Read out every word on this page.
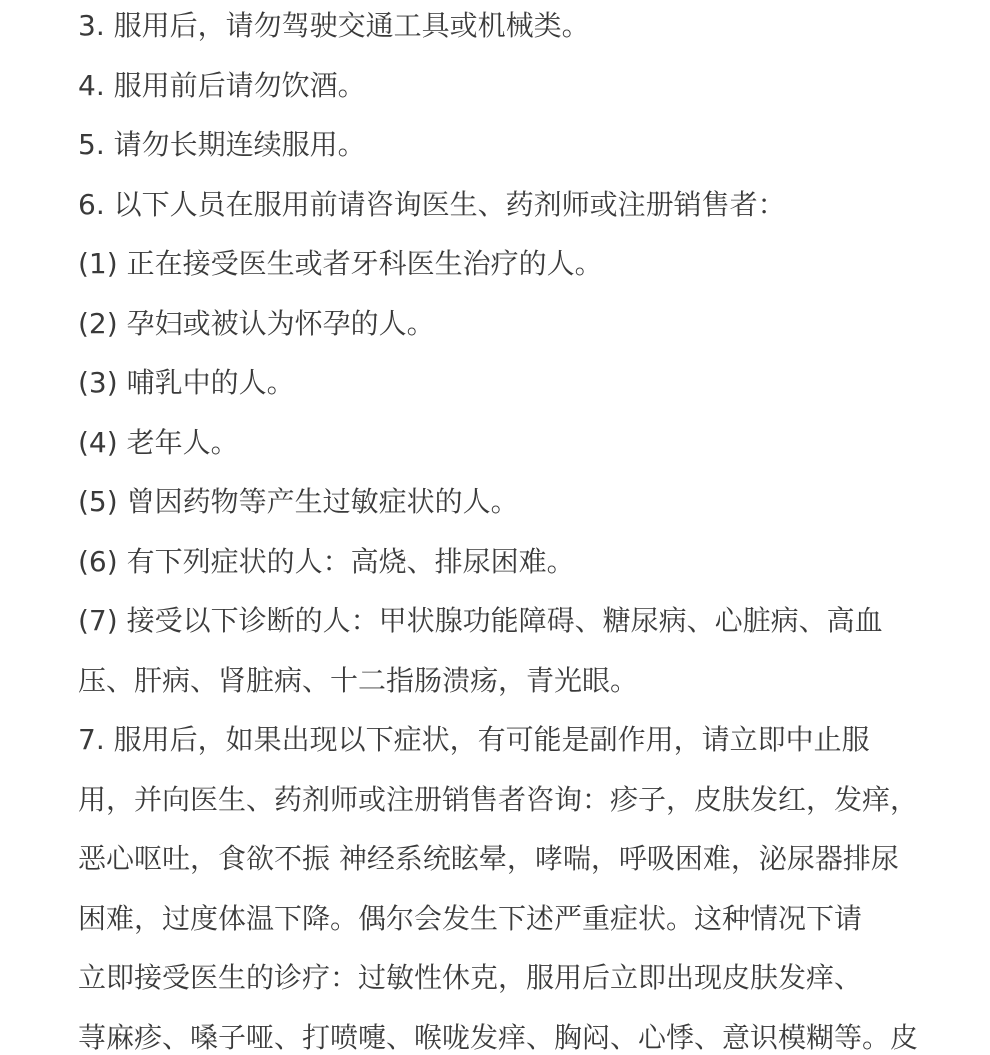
3. 服用后，请勿驾驶交通工具或机械类。
4. 服用前后请勿饮酒。
5. 请勿长期连续服用。
6. 以下人员在服用前请咨询医生、药剂师或注册销售者：
(1) 正在接受医生或者牙科医生治疗的人。
(2) 孕妇或被认为怀孕的人。
(3) 哺乳中的人。
(4) 老年人。
(5) 曾因药物等产生过敏症状的人。
(6) 有下列症状的人：高烧、排尿困难。
(7) 接受以下诊断的人：甲状腺功能障碍、糖尿病、心脏病、高血
压、肝病、肾脏病、十二指肠溃疡，青光眼。
7. 服用后，如果出现以下症状，有可能是副作用，请立即中止服
用，并向医生、药剂师或注册销售者咨询：疹子，皮肤发红，发痒，
恶心呕吐，食欲不振 神经系统眩晕，哮喘，呼吸困难，泌尿器排尿
困难，过度体温下降。偶尔会发生下述严重症状。这种情况下请
立即接受医生的诊疗：过敏性休克，服用后立即出现皮肤发痒、
荨麻疹、嗓子哑、打喷嚏、喉咙发痒、胸闷、心悸、意识模糊等。皮
